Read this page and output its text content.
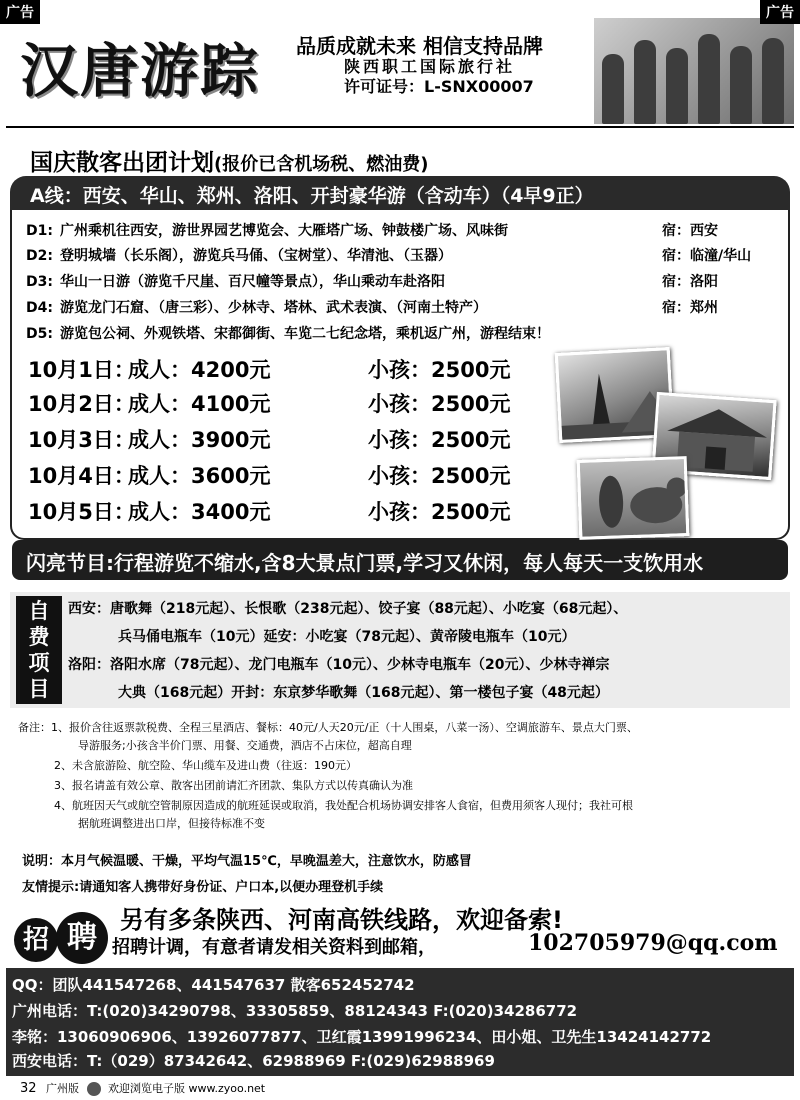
广告	广告
汉唐游踪 品质成就未来 相信支持品牌
陕西职工国际旅行社
许可证号：L-SNX00007
国庆散客出团计划(报价已含机场税、燃油费)
A线：西安、华山、郑州、洛阳、开封豪华游（含动车）（4早9正）
D1: 广州乘机往西安，游世界园艺博览会、大雁塔广场、钟鼓楼广场、风味街	宿：西安
D2: 登明城墙（长乐阁），游览兵马俑、（宝树堂）、华清池、（玉器）	宿：临潼/华山
D3: 华山一日游（游览千尺崖、百尺幢等景点），华山乘动车赴洛阳	宿：洛阳
D4: 游览龙门石窟、（唐三彩）、少林寺、塔林、武术表演、（河南土特产）	宿：郑州
D5: 游览包公祠、外观铁塔、宋都御街、车览二七纪念塔，乘机返广州，游程结束！
10月1日：
成人：4200元	小孩：2500元
10月2日：
成人：4100元	小孩：2500元
10月3日：
成人：3900元	小孩：2500元
10月4日：
成人：3600元	小孩：2500元
10月5日：
成人：3400元	小孩：2500元
闪亮节目:行程游览不缩水,含8大景点门票,学习又休闲，每人每天一支饮用水
自
费
项
目
西安：唐歌舞（218元起）、长恨歌（238元起）、饺子宴（88元起）、小吃宴（68元起）、
兵马俑电瓶车（10元）延安：小吃宴（78元起）、黄帝陵电瓶车（10元）
洛阳：洛阳水席（78元起）、龙门电瓶车（10元）、少林寺电瓶车（20元）、少林寺禅宗
大典（168元起）开封：东京梦华歌舞（168元起）、第一楼包子宴（48元起）
备注：1、报价含往返票款税费、全程三星酒店、餐标：40元/人天20元/正（十人围桌，八菜一汤）、空调旅游车、景点大门票、
导游服务;小孩含半价门票、用餐、交通费，酒店不占床位，超高自理
2、未含旅游险、航空险、华山缆车及进山费（往返：190元）
3、报名请盖有效公章、散客出团前请汇齐团款、集队方式以传真确认为准
4、航班因天气或航空管制原因造成的航班延误或取消，我处配合机场协调安排客人食宿，但费用须客人现付；我社可根
据航班调整进出口岸，但接待标准不变
说明：本月气候温暖、干燥，平均气温15℃，早晚温差大，注意饮水，防感冒
友情提示:请通知客人携带好身份证、户口本,以便办理登机手续
另有多条陕西、河南高铁线路，欢迎备索!
招 聘 招聘计调，有意者请发相关资料到邮箱，	102705979@qq.com
QQ：团队441547268、441547637 散客652452742
广州电话：T:(020)34290798、33305859、88124343 F:(020)34286772
李铭：13060906906、13926077877、卫红霞13991996234、田小姐、卫先生13424142772
西安电话：T:（029）87342642、62988969 F:(029)62988969
32 广州版	欢迎浏览电子版 www.zyoo.net
